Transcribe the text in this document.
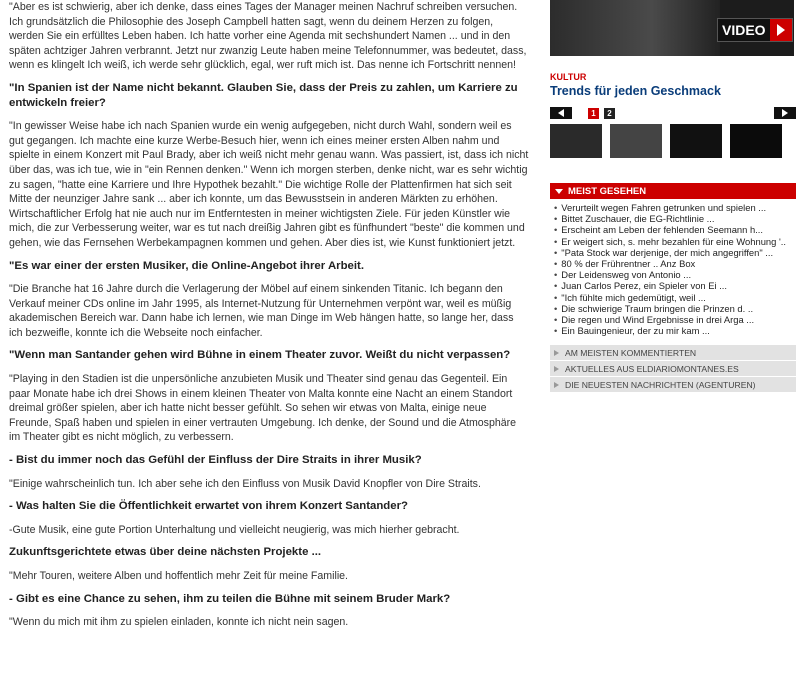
"Aber es ist schwierig, aber ich denke, dass eines Tages der Manager meinen Nachruf schreiben versuchen. Ich grundsätzlich die Philosophie des Joseph Campbell hatten sagt, wenn du deinem Herzen zu folgen, werden Sie ein erfülltes Leben haben. Ich hatte vorher eine Agenda mit sechshundert Namen ... und in den späten achtziger Jahren verbrannt. Jetzt nur zwanzig Leute haben meine Telefonnummer, was bedeutet, dass, wenn es klingelt Ich weiß, ich werde sehr glücklich, egal, wer ruft mich ist. Das nenne ich Fortschritt nennen!

"In Spanien ist der Name nicht bekannt. Glauben Sie, dass der Preis zu zahlen, um Karriere zu entwickeln freier?

"In gewisser Weise habe ich nach Spanien wurde ein wenig aufgegeben, nicht durch Wahl, sondern weil es gut gegangen. Ich machte eine kurze Werbe-Besuch hier, wenn ich eines meiner ersten Alben nahm und spielte in einem Konzert mit Paul Brady, aber ich weiß nicht mehr genau wann. Was passiert, ist, dass ich nicht über das, was ich tue, wie in "ein Rennen denken." Wenn ich morgen sterben, denke nicht, war es sehr wichtig zu sagen, "hatte eine Karriere und Ihre Hypothek bezahlt." Die wichtige Rolle der Plattenfirmen hat sich seit Mitte der neunziger Jahre sank ... aber ich konnte, um das Bewusstsein in anderen Märkten zu erhöhen. Wirtschaftlicher Erfolg hat nie auch nur im Entferntesten in meiner wichtigsten Ziele. Für jeden Künstler wie mich, die zur Verbesserung weiter, war es tut nach dreißig Jahren gibt es fünfhundert "beste" die kommen und gehen, wie das Fernsehen Werbekampagnen kommen und gehen. Aber dies ist, wie Kunst funktioniert jetzt.

"Es war einer der ersten Musiker, die Online-Angebot ihrer Arbeit.

"Die Branche hat 16 Jahre durch die Verlagerung der Möbel auf einem sinkenden Titanic. Ich begann den Verkauf meiner CDs online im Jahr 1995, als Internet-Nutzung für Unternehmen verpönt war, weil es müßig akademischen Bereich war. Dann habe ich lernen, wie man Dinge im Web hängen hatte, so lange her, dass ich bezweifle, konnte ich die Webseite noch einfacher.

"Wenn man Santander gehen wird Bühne in einem Theater zuvor. Weißt du nicht verpassen?

"Playing in den Stadien ist die unpersönliche anzubieten Musik und Theater sind genau das Gegenteil. Ein paar Monate habe ich drei Shows in einem kleinen Theater von Malta konnte eine Nacht an einem Standort dreimal größer spielen, aber ich hatte nicht besser gefühlt. So sehen wir etwas von Malta, einige neue Freunde, Spaß haben und spielen in einer vertrauten Umgebung. Ich denke, der Sound und die Atmosphäre im Theater gibt es nicht möglich, zu verbessern.

- Bist du immer noch das Gefühl der Einfluss der Dire Straits in ihrer Musik?

"Einige wahrscheinlich tun. Ich aber sehe ich den Einfluss von Musik David Knopfler von Dire Straits.

- Was halten Sie die Öffentlichkeit erwartet von ihrem Konzert Santander?

-Gute Musik, eine gute Portion Unterhaltung und vielleicht neugierig, was mich hierher gebracht.

Zukunftsgerichtete etwas über deine nächsten Projekte ...

"Mehr Touren, weitere Alben und hoffentlich mehr Zeit für meine Familie.

- Gibt es eine Chance zu sehen, ihm zu teilen die Bühne mit seinem Bruder Mark?

"Wenn du mich mit ihm zu spielen einladen, konnte ich nicht nein sagen.

VIDEO
KULTUR
Trends für jeden Geschmack
1	2
MEIST GESEHEN
• Verurteilt wegen Fahren getrunken und spielen ...
• Bittet Zuschauer, die EG-Richtlinie ...
• Erscheint am Leben der fehlenden Seemann h...
• Er weigert sich, s. mehr bezahlen für eine Wohnung '..
• "Pata Stock war derjenige, der mich angegriffen" ...
• 80 % der Frührentner .. Anz Box
• Der Leidensweg von Antonio ...
• Juan Carlos Perez, ein Spieler von Ei ...
• "Ich fühlte mich gedemütigt, weil ...
• Die schwierige Traum bringen die Prinzen d. ..
• Die regen und Wind Ergebnisse in drei Arga ...
• Ein Bauingenieur, der zu mir kam ...
AM MEISTEN KOMMENTIERTEN
AKTUELLES AUS ELDIARIOMONTANES.ES
DIE NEUESTEN NACHRICHTEN (AGENTUREN)
